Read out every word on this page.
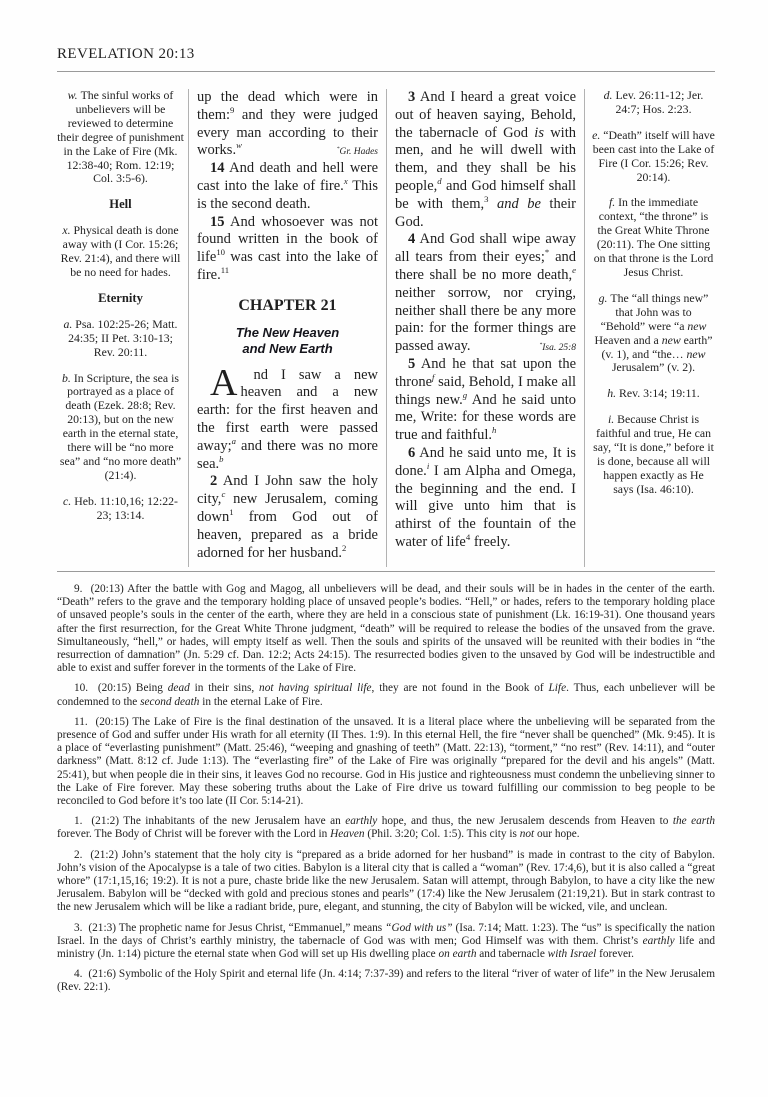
REVELATION 20:13
w. The sinful works of unbelievers will be reviewed to determine their degree of punishment in the Lake of Fire (Mk. 12:38-40; Rom. 12:19; Col. 3:5-6).
Hell
x. Physical death is done away with (I Cor. 15:26; Rev. 21:4), and there will be no need for hades.
Eternity
a. Psa. 102:25-26; Matt. 24:35; II Pet. 3:10-13; Rev. 20:11.
b. In Scripture, the sea is portrayed as a place of death (Ezek. 28:8; Rev. 20:13), but on the new earth in the eternal state, there will be “no more sea” and “no more death” (21:4).
c. Heb. 11:10,16; 12:22-23; 13:14.
up the dead which were in them:$^9$ and they were judged every man according to their works.$^w$	*Gr. Hades
14 And death and hell were cast into the lake of fire.$^x$ This is the second death.
15 And whosoever was not found written in the book of life$^{10}$ was cast into the lake of fire.$^{11}$
CHAPTER 21
The New Heaven
and New Earth
A nd I saw a new heaven and a new earth: for the first heaven and the first earth were passed away;$^a$ and there was no more sea.$^b$
2 And I John saw the holy city,$^c$ new Jerusalem, coming down$^1$ from God out of heaven, prepared as a bride adorned for her husband.$^2$
3 And I heard a great voice out of heaven saying, Behold, the tabernacle of God is with men, and he will dwell with them, and they shall be his people,$^d$ and God himself shall be with them,$^3$ and be their God.
4 And God shall wipe away all tears from their eyes;* and there shall be no more death,$^e$ neither sorrow, nor crying, neither shall there be any more pain: for the former things are passed away.	*Isa. 25:8
5 And he that sat upon the throne$^f$ said, Behold, I make all things new.$^g$ And he said unto me, Write: for these words are true and faithful.$^h$
6 And he said unto me, It is done.$^i$ I am Alpha and Omega, the beginning and the end. I will give unto him that is athirst of the fountain of the water of life$^4$ freely.
d. Lev. 26:11-12; Jer. 24:7; Hos. 2:23.
e. “Death” itself will have been cast into the Lake of Fire (I Cor. 15:26; Rev. 20:14).
f. In the immediate context, “the throne” is the Great White Throne (20:11). The One sitting on that throne is the Lord Jesus Christ.
g. The “all things new” that John was to “Behold” were “a new Heaven and a new earth” (v. 1), and “the… new Jerusalem” (v. 2).
h. Rev. 3:14; 19:11.
i. Because Christ is faithful and true, He can say, “It is done,” before it is done, because all will happen exactly as He says (Isa. 46:10).
9. (20:13) After the battle with Gog and Magog, all unbelievers will be dead, and their souls will be in hades in the center of the earth. “Death” refers to the grave and the temporary holding place of unsaved people’s bodies. “Hell,” or hades, refers to the temporary holding place of unsaved people’s souls in the center of the earth, where they are held in a conscious state of punishment (Lk. 16:19-31). One thousand years after the first resurrection, for the Great White Throne judgment, “death” will be required to release the bodies of the unsaved from the grave. Simultaneously, “hell,” or hades, will empty itself as well. Then the souls and spirits of the unsaved will be reunited with their bodies in “the resurrection of damnation” (Jn. 5:29 cf. Dan. 12:2; Acts 24:15). The resurrected bodies given to the unsaved by God will be indestructible and able to exist and suffer forever in the torments of the Lake of Fire.
10. (20:15) Being dead in their sins, not having spiritual life, they are not found in the Book of Life. Thus, each unbeliever will be condemned to the second death in the eternal Lake of Fire.
11. (20:15) The Lake of Fire is the final destination of the unsaved. It is a literal place where the unbelieving will be separated from the presence of God and suffer under His wrath for all eternity (II Thes. 1:9). In this eternal Hell, the fire “never shall be quenched” (Mk. 9:45). It is a place of “everlasting punishment” (Matt. 25:46), “weeping and gnashing of teeth” (Matt. 22:13), “torment,” “no rest” (Rev. 14:11), and “outer darkness” (Matt. 8:12 cf. Jude 1:13). The “everlasting fire” of the Lake of Fire was originally “prepared for the devil and his angels” (Matt. 25:41), but when people die in their sins, it leaves God no recourse. God in His justice and righteousness must condemn the unbelieving sinner to the Lake of Fire forever. May these sobering truths about the Lake of Fire drive us toward fulfilling our commission to beg people to be reconciled to God before it’s too late (II Cor. 5:14-21).
1. (21:2) The inhabitants of the new Jerusalem have an earthly hope, and thus, the new Jerusalem descends from Heaven to the earth forever. The Body of Christ will be forever with the Lord in Heaven (Phil. 3:20; Col. 1:5). This city is not our hope.
2. (21:2) John’s statement that the holy city is “prepared as a bride adorned for her husband” is made in contrast to the city of Babylon. John’s vision of the Apocalypse is a tale of two cities. Babylon is a literal city that is called a “woman” (Rev. 17:4,6), but it is also called a “great whore” (17:1,15,16; 19:2). It is not a pure, chaste bride like the new Jerusalem. Satan will attempt, through Babylon, to have a city like the new Jerusalem. Babylon will be “decked with gold and precious stones and pearls” (17:4) like the New Jerusalem (21:19,21). But in stark contrast to the new Jerusalem which will be like a radiant bride, pure, elegant, and stunning, the city of Babylon will be wicked, vile, and unclean.
3. (21:3) The prophetic name for Jesus Christ, “Emmanuel,” means “God with us” (Isa. 7:14; Matt. 1:23). The “us” is specifically the nation Israel. In the days of Christ’s earthly ministry, the tabernacle of God was with men; God Himself was with them. Christ’s earthly life and ministry (Jn. 1:14) picture the eternal state when God will set up His dwelling place on earth and tabernacle with Israel forever.
4. (21:6) Symbolic of the Holy Spirit and eternal life (Jn. 4:14; 7:37-39) and refers to the literal “river of water of life” in the New Jerusalem (Rev. 22:1).
